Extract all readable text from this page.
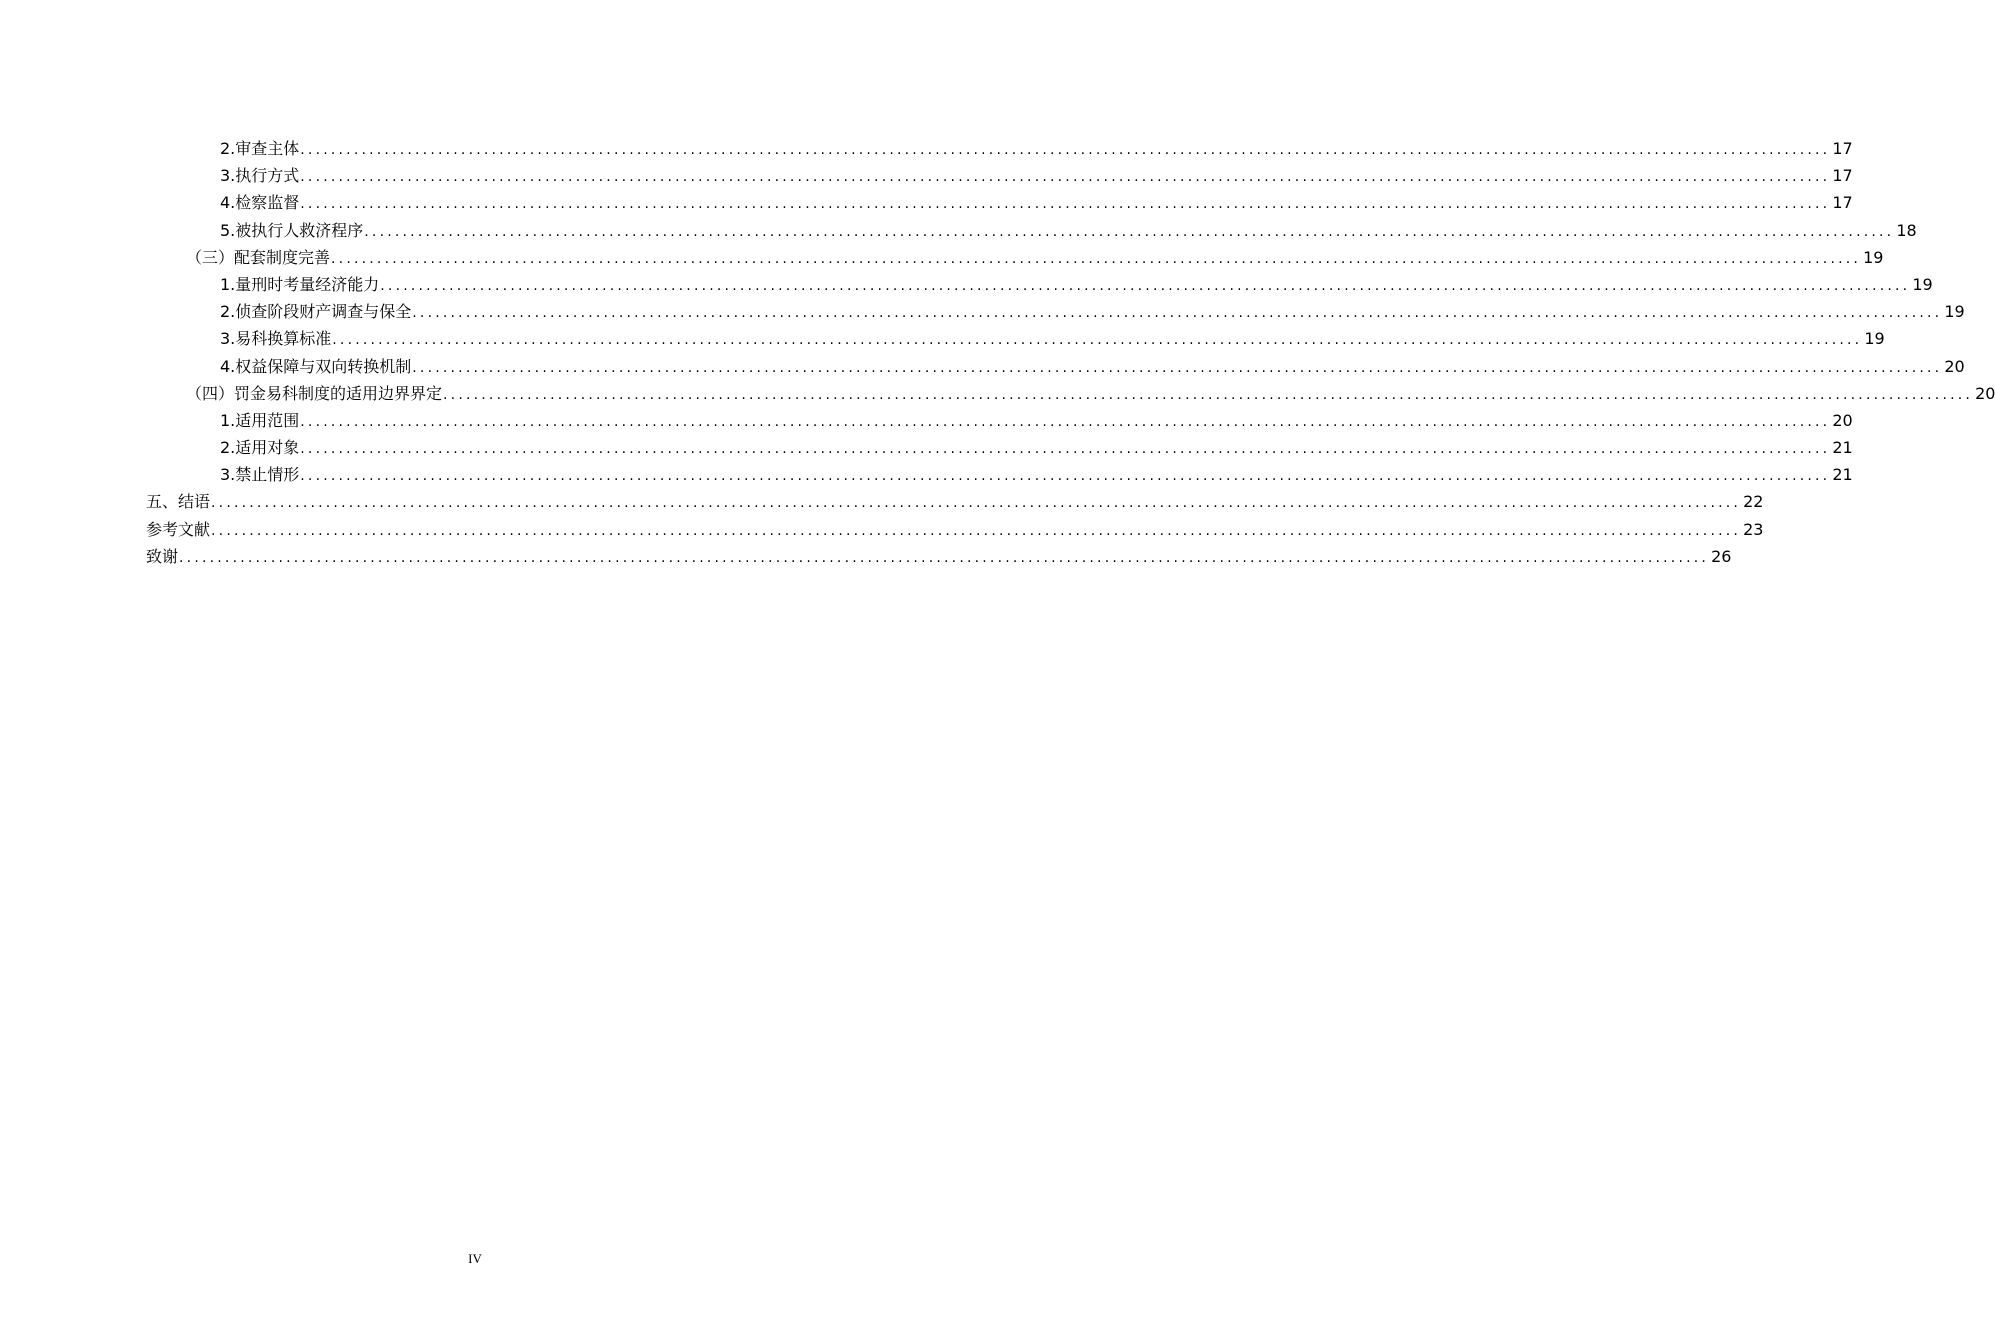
2.审查主体 ........................................................................................................................................................................................................ 17
3.执行方式 ........................................................................................................................................................................................................ 17
4.检察监督 ........................................................................................................................................................................................................ 17
5.被执行人救济程序 ........................................................................................................................................................................................................ 18
（三）配套制度完善 ........................................................................................................................................................................................................ 19
1.量刑时考量经济能力 ........................................................................................................................................................................................................ 19
2.侦查阶段财产调查与保全 ........................................................................................................................................................................................................ 19
3.易科换算标准 ........................................................................................................................................................................................................ 19
4.权益保障与双向转换机制 ........................................................................................................................................................................................................ 20
（四）罚金易科制度的适用边界界定 ........................................................................................................................................................................................................ 20
1.适用范围 ........................................................................................................................................................................................................ 20
2.适用对象 ........................................................................................................................................................................................................ 21
3.禁止情形 ........................................................................................................................................................................................................ 21
五、结语 ........................................................................................................................................................................................................ 22
参考文献 ........................................................................................................................................................................................................ 23
致谢 ........................................................................................................................................................................................................ 26
IV
